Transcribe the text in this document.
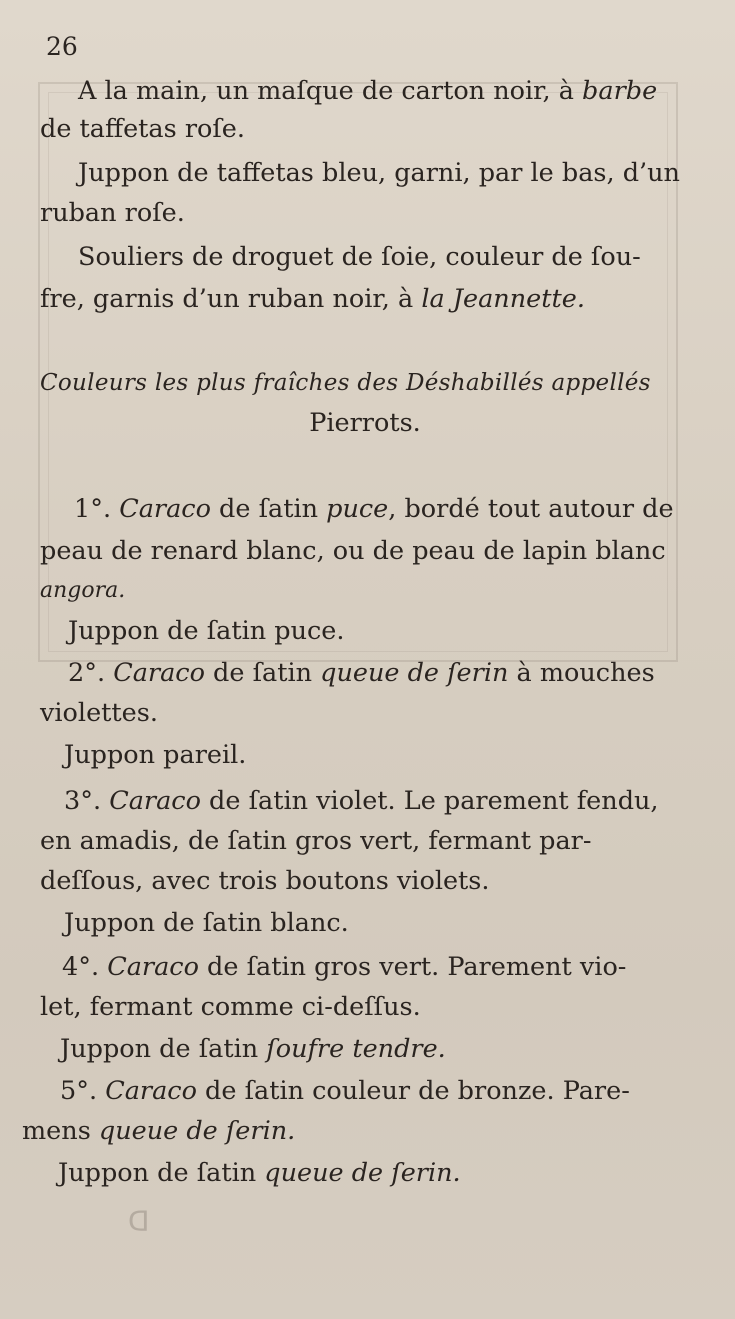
26
A la main, un maſque de carton noir, à barbe
de taffetas roſe.
Juppon de taffetas bleu, garni, par le bas, d’un
ruban roſe.
Souliers de droguet de ſoie, couleur de ſou-
fre, garnis d’un ruban noir, à la Jeannette.
Couleurs les plus fraîches des Déshabillés appellés
Pierrots.
1°. Caraco de ſatin puce, bordé tout autour de
peau de renard blanc, ou de peau de lapin blanc
angora.
Juppon de ſatin puce.
2°. Caraco de ſatin queue de ſerin à mouches
violettes.
Juppon pareil.
3°. Caraco de ſatin violet. Le parement fendu,
en amadis, de ſatin gros vert, fermant par-
deſſous, avec trois boutons violets.
Juppon de ſatin blanc.
4°. Caraco de ſatin gros vert. Parement vio-
let, fermant comme ci-deſſus.
Juppon de ſatin ſoufre tendre.
5°. Caraco de ſatin couleur de bronze. Pare-
mens queue de ſerin.
Juppon de ſatin queue de ſerin.
ᗡ
